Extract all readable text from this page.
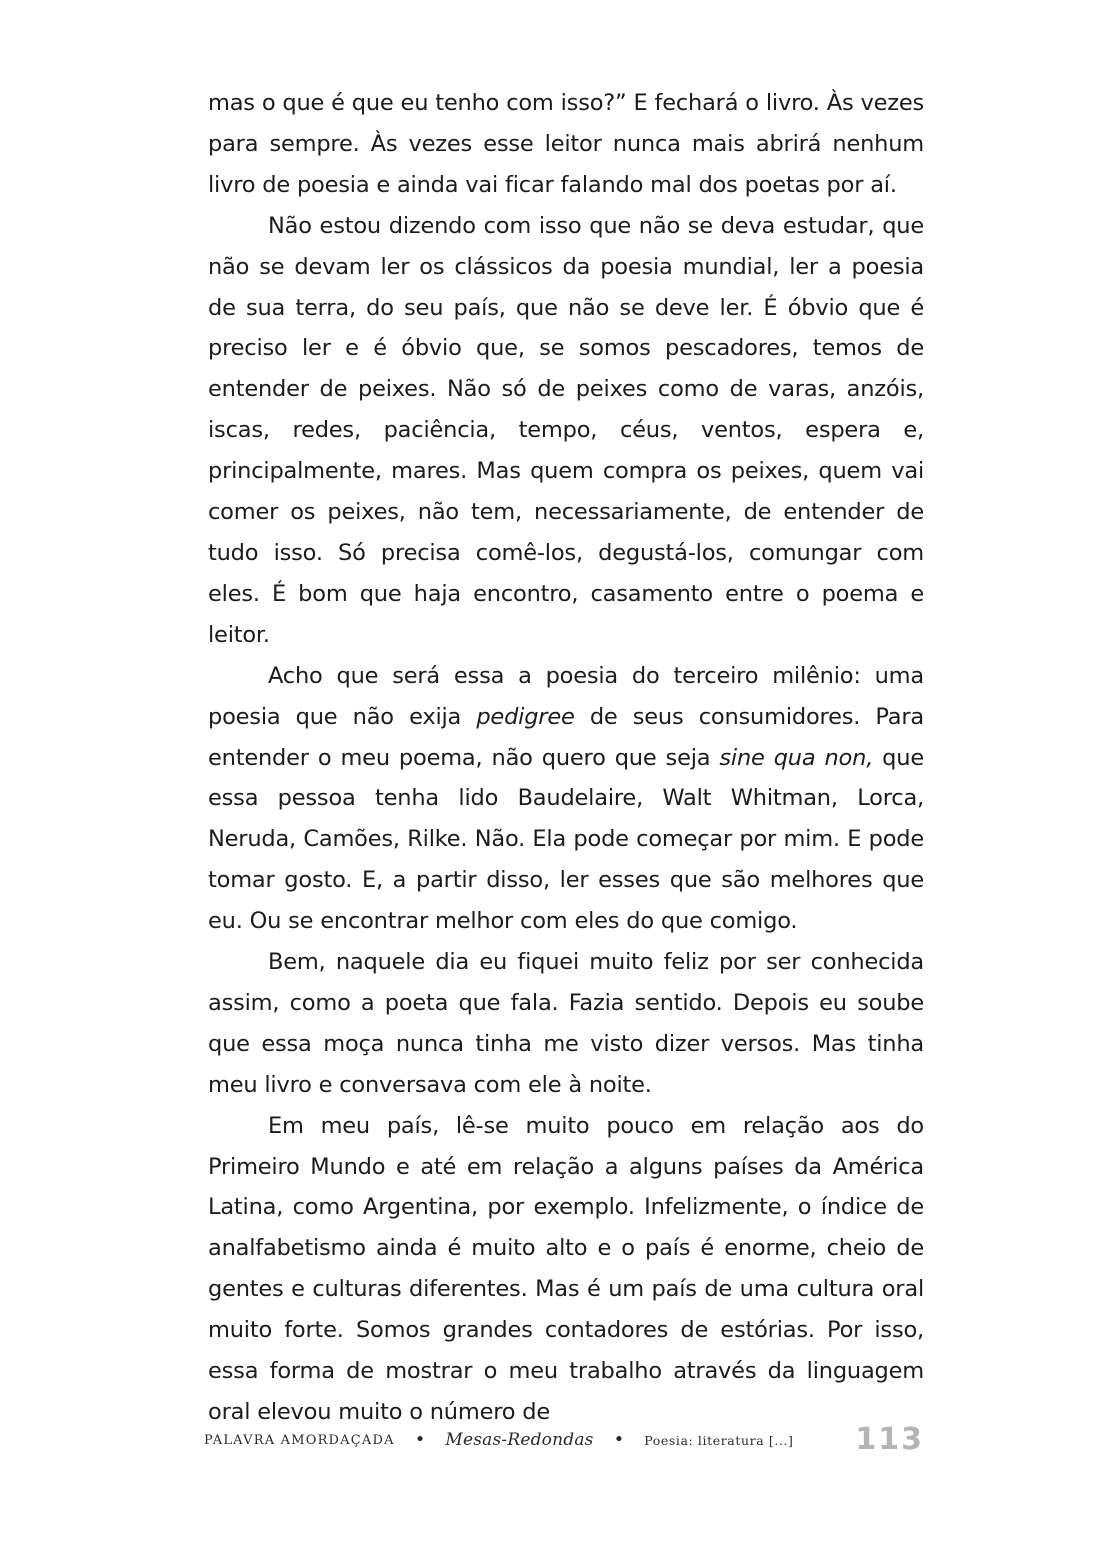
mas o que é que eu tenho com isso?” E fechará o livro. Às vezes para sempre. Às vezes esse leitor nunca mais abrirá nenhum livro de poesia e ainda vai ficar falando mal dos poetas por aí.

Não estou dizendo com isso que não se deva estudar, que não se devam ler os clássicos da poesia mundial, ler a poesia de sua terra, do seu país, que não se deve ler. É óbvio que é preciso ler e é óbvio que, se somos pescadores, temos de entender de peixes. Não só de peixes como de varas, anzóis, iscas, redes, paciência, tempo, céus, ventos, espera e, principalmente, mares. Mas quem compra os peixes, quem vai comer os peixes, não tem, necessariamente, de entender de tudo isso. Só precisa comê-los, degustá-los, comungar com eles. É bom que haja encontro, casamento entre o poema e leitor.

Acho que será essa a poesia do terceiro milênio: uma poesia que não exija pedigree de seus consumidores. Para entender o meu poema, não quero que seja sine qua non, que essa pessoa tenha lido Baudelaire, Walt Whitman, Lorca, Neruda, Camões, Rilke. Não. Ela pode começar por mim. E pode tomar gosto. E, a partir disso, ler esses que são melhores que eu. Ou se encontrar melhor com eles do que comigo.

Bem, naquele dia eu fiquei muito feliz por ser conhecida assim, como a poeta que fala. Fazia sentido. Depois eu soube que essa moça nunca tinha me visto dizer versos. Mas tinha meu livro e conversava com ele à noite.

Em meu país, lê-se muito pouco em relação aos do Primeiro Mundo e até em relação a alguns países da América Latina, como Argentina, por exemplo. Infelizmente, o índice de analfabetismo ainda é muito alto e o país é enorme, cheio de gentes e culturas diferentes. Mas é um país de uma cultura oral muito forte. Somos grandes contadores de estórias. Por isso, essa forma de mostrar o meu trabalho através da linguagem oral elevou muito o número de

PALAVRA AMORDAÇADA • Mesas-Redondas • Poesia: literatura [...] 113
